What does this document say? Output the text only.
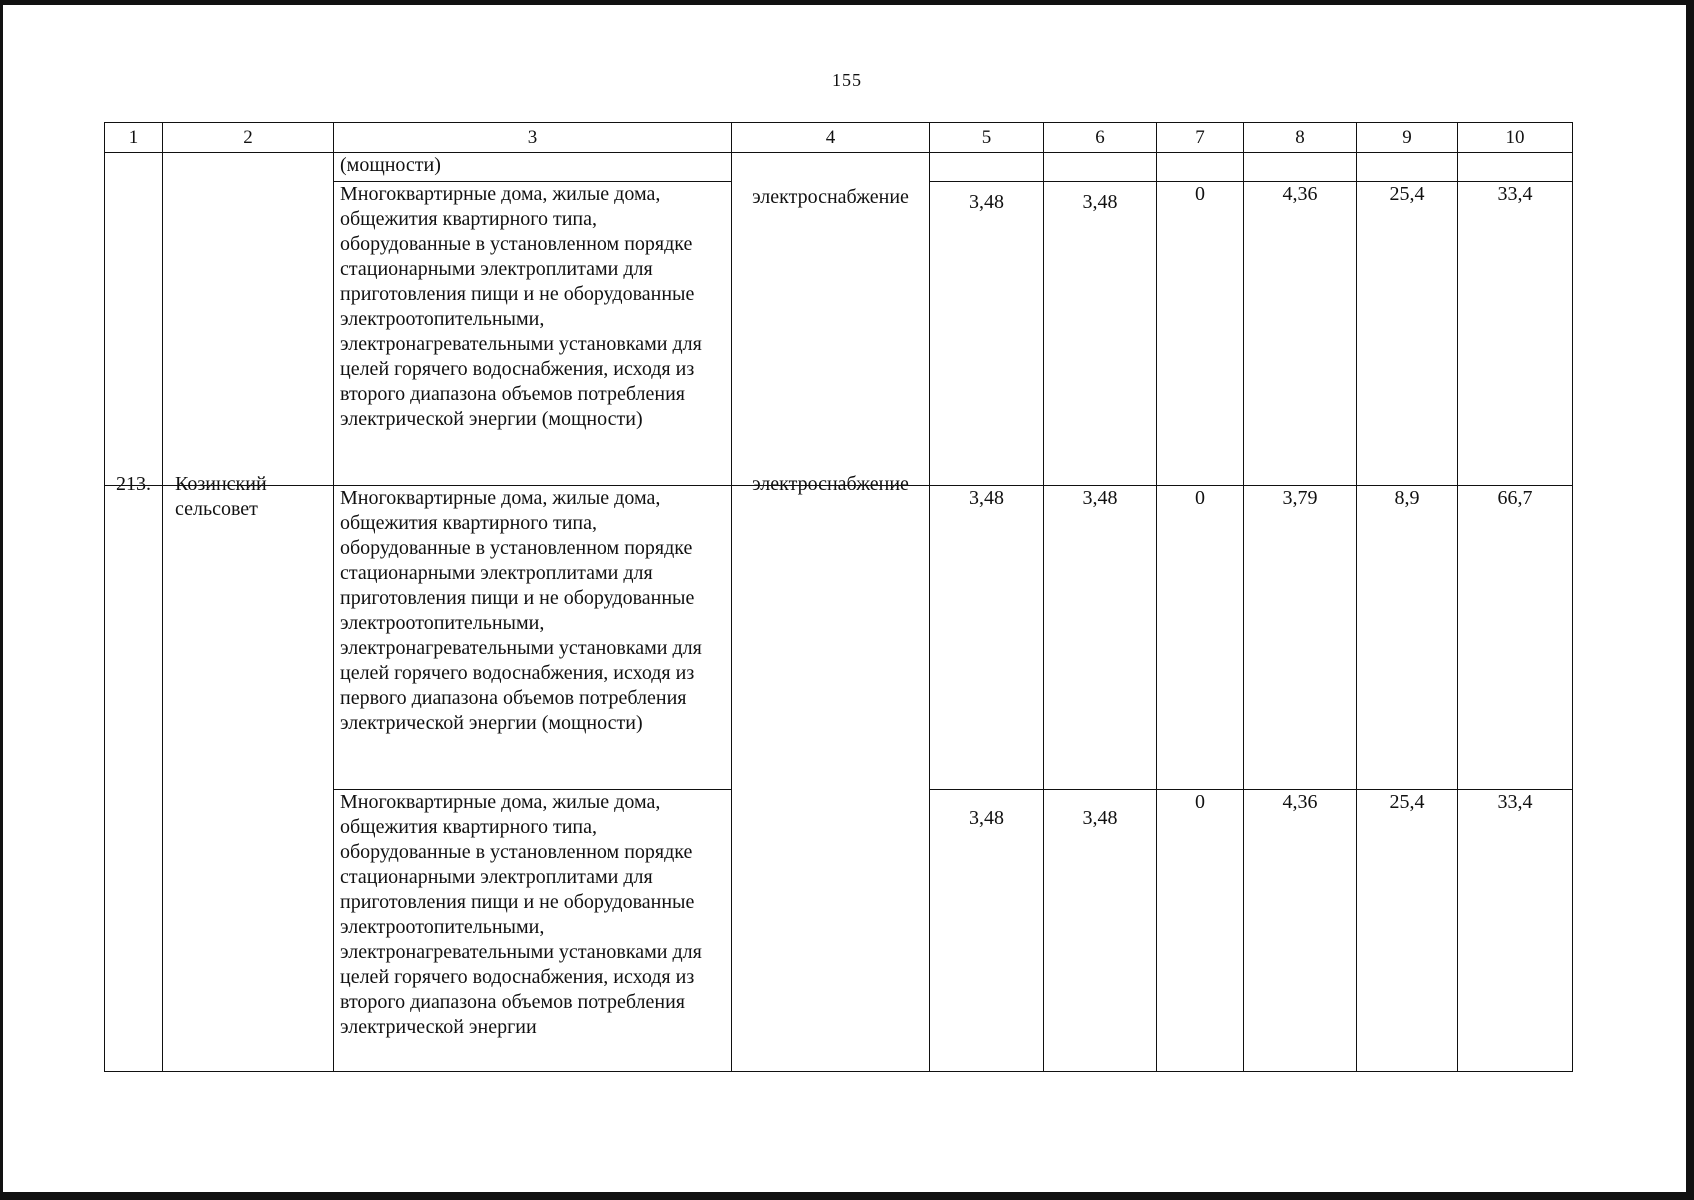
155
1	2	3	4	5	6	7	8	9	10
		(мощности)	электроснабжение						

		Многоквартирные дома, жилые дома, общежития квартирного типа, оборудованные в установленном порядке стационарными электроплитами для приготовления пищи и не оборудованные электроотопительными, электронагревательными установками для целей горячего водоснабжения, исходя из второго диапазона объемов потребления электрической энергии (мощности)		3,48	3,48	0	4,36	25,4	33,4

213.	Козинский сельсовет	Многоквартирные дома, жилые дома, общежития квартирного типа, оборудованные в установленном порядке стационарными электроплитами для приготовления пищи и не оборудованные электроотопительными, электронагревательными установками для целей горячего водоснабжения, исходя из первого диапазона объемов потребления электрической энергии (мощности)	электроснабжение	3,48	3,48	0	3,79	8,9	66,7

		Многоквартирные дома, жилые дома, общежития квартирного типа, оборудованные в установленном порядке стационарными электроплитами для приготовления пищи и не оборудованные электроотопительными, электронагревательными установками для целей горячего водоснабжения, исходя из второго диапазона объемов потребления электрической энергии		3,48	3,48	0	4,36	25,4	33,4
